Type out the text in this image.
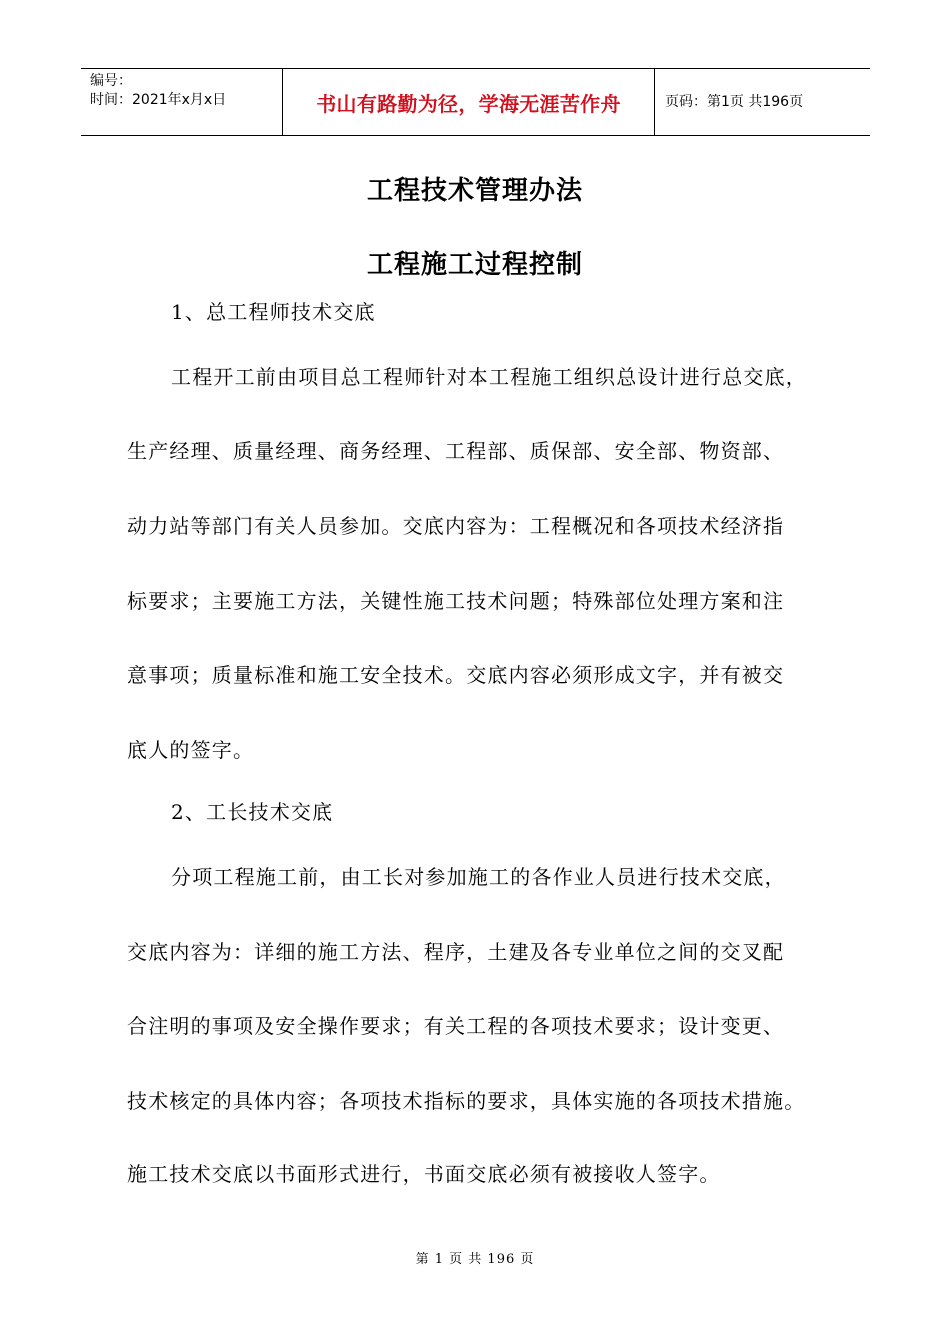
编号：
时间：2021年x月x日	书山有路勤为径，学海无涯苦作舟	页码：第1页 共196页
工程技术管理办法
工程施工过程控制
1、总工程师技术交底
工程开工前由项目总工程师针对本工程施工组织总设计进行总交底，
生产经理、质量经理、商务经理、工程部、质保部、安全部、物资部、
动力站等部门有关人员参加。交底内容为：工程概况和各项技术经济指
标要求；主要施工方法，关键性施工技术问题；特殊部位处理方案和注
意事项；质量标准和施工安全技术。交底内容必须形成文字，并有被交
底人的签字。
2、工长技术交底
分项工程施工前，由工长对参加施工的各作业人员进行技术交底，
交底内容为：详细的施工方法、程序，土建及各专业单位之间的交叉配
合注明的事项及安全操作要求；有关工程的各项技术要求；设计变更、
技术核定的具体内容；各项技术指标的要求，具体实施的各项技术措施。
施工技术交底以书面形式进行，书面交底必须有被接收人签字。
第 1 页 共 196 页
